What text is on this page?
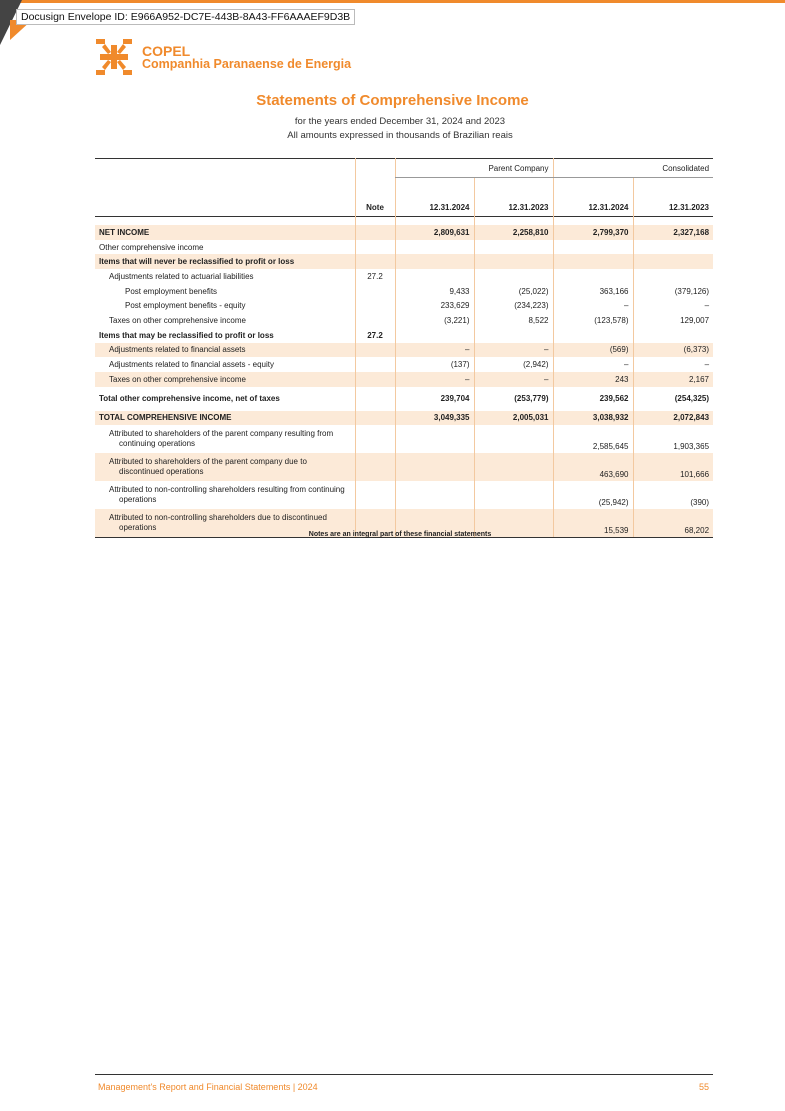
Docusign Envelope ID: E966A952-DC7E-443B-8A43-FF6AAAEF9D3B
COPEL
Companhia Paranaense de Energia
Statements of Comprehensive Income
for the years ended December 31, 2024 and 2023
All amounts expressed in thousands of Brazilian reais
		Parent Company		Consolidated	
	Note	12.31.2024	12.31.2023	12.31.2024	12.31.2023

NET INCOME		2,809,631	2,258,810	2,799,370	2,327,168
Other comprehensive income					
Items that will never be reclassified to profit or loss					
Adjustments related to actuarial liabilities	27.2				
Post employment benefits		9,433	(25,022)	363,166	(379,126)
Post employment benefits - equity		233,629	(234,223)	–	–
Taxes on other comprehensive income		(3,221)	8,522	(123,578)	129,007
Items that may be reclassified to profit or loss	27.2				
Adjustments related to financial assets		–	–	(569)	(6,373)
Adjustments related to financial assets - equity		(137)	(2,942)	–	–
Taxes on other comprehensive income		–	–	243	2,167
Total other comprehensive income, net of taxes		239,704	(253,779)	239,562	(254,325)
TOTAL COMPREHENSIVE INCOME		3,049,335	2,005,031	3,038,932	2,072,843
Attributed to shareholders of the parent company resulting from continuing operations				2,585,645	1,903,365
Attributed to shareholders of the parent company due to discontinued operations				463,690	101,666
Attributed to non-controlling shareholders resulting from continuing operations				(25,942)	(390)
Attributed to non-controlling shareholders due to discontinued operations				15,539	68,202
Notes are an integral part of these financial statements
Management's Report and Financial Statements | 2024	55
